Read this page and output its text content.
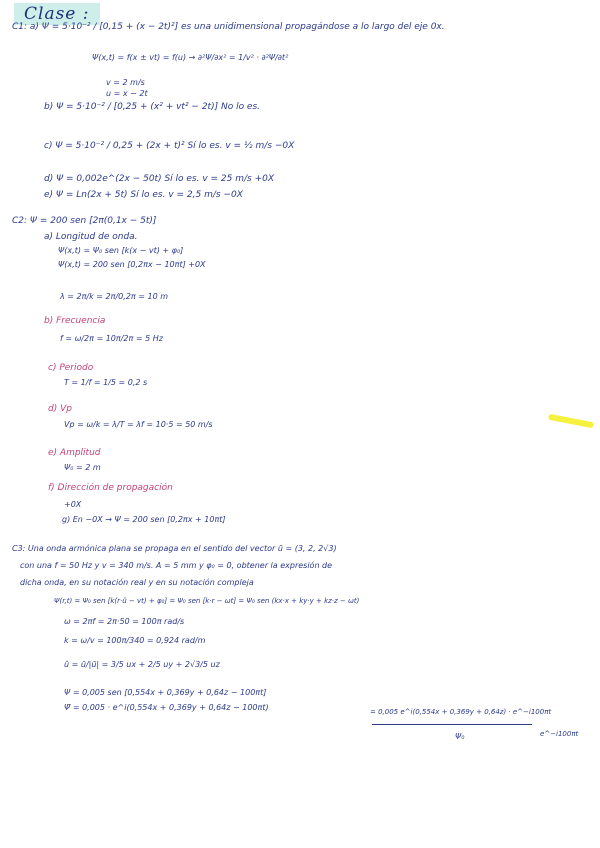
Clase :
C1: a) Ψ = 5·10⁻² / [0,15 + (x − 2t)²] es una unidimensional propagándose a lo largo del eje 0x.
Ψ(x,t) = f(x ± vt) = f(u) → ∂²Ψ/∂x² = 1/v² · ∂²Ψ/∂t²
v = 2 m/s
u = x − 2t
b) Ψ = 5·10⁻² / [0,25 + (x² + vt² − 2t)] No lo es.
c) Ψ = 5·10⁻² / 0,25 + (2x + t)² Sí lo es. v = ½ m/s −0X
d) Ψ = 0,002e^(2x − 50t) Sí lo es. v = 25 m/s +0X
e) Ψ = Ln(2x + 5t) Sí lo es. v = 2,5 m/s −0X
C2: Ψ = 200 sen [2π(0,1x − 5t)]
a) Longitud de onda.
Ψ(x,t) = Ψ₀ sen [k(x − vt) + φ₀]
Ψ(x,t) = 200 sen [0,2πx − 10πt] +0X
λ = 2π/k = 2π/0,2π = 10 m
b) Frecuencia
f = ω/2π = 10π/2π = 5 Hz
c) Periodo
T = 1/f = 1/5 = 0,2 s
d) Vp
Vp = ω/k = λ/T = λf = 10·5 = 50 m/s
e) Amplitud
Ψ₀ = 2 m
f) Dirección de propagación
+0X
g) En −0X → Ψ = 200 sen [0,2πx + 10πt]
C3: Una onda armónica plana se propaga en el sentido del vector ū = (3, 2, 2√3)
con una f = 50 Hz y v = 340 m/s. A = 5 mm y φ₀ = 0, obtener la expresión de
dicha onda, en su notación real y en su notación compleja
Ψ(r,t) = Ψ₀ sen [k(r·û − vt) + φ₀] = Ψ₀ sen [k·r − ωt] = Ψ₀ sen (kx·x + ky·y + kz·z − ωt)
ω = 2πf = 2π·50 = 100π rad/s
k = ω/v = 100π/340 = 0,924 rad/m
û = ū/|ū| = 3/5 ux + 2/5 uy + 2√3/5 uz
Ψ = 0,005 sen [0,554x + 0,369y + 0,64z − 100πt]
Ψ̃ = 0,005 · e^i(0,554x + 0,369y + 0,64z − 100πt)	= 0,005 e^i(0,554x + 0,369y + 0,64z) · e^−i100πt
Ψ₀	e^−i100πt
